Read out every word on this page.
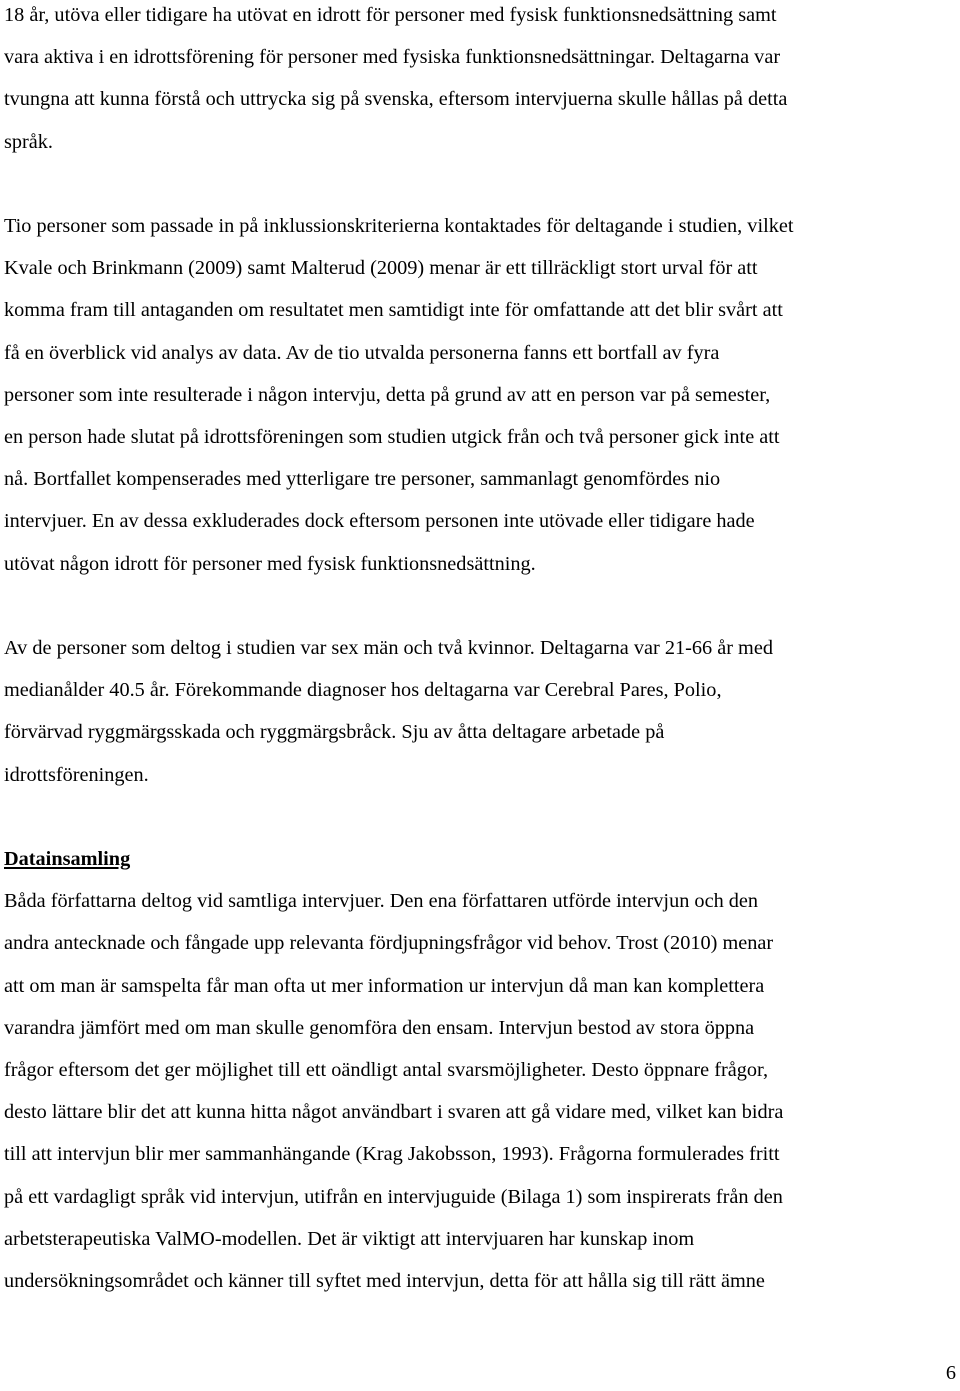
18 år, utöva eller tidigare ha utövat en idrott för personer med fysisk funktionsnedsättning samt
vara aktiva i en idrottsförening för personer med fysiska funktionsnedsättningar. Deltagarna var
tvungna att kunna förstå och uttrycka sig på svenska, eftersom intervjuerna skulle hållas på detta
språk.
Tio personer som passade in på inklussionskriterierna kontaktades för deltagande i studien, vilket
Kvale och Brinkmann (2009) samt Malterud (2009) menar är ett tillräckligt stort urval för att
komma fram till antaganden om resultatet men samtidigt inte för omfattande att det blir svårt att
få en överblick vid analys av data. Av de tio utvalda personerna fanns ett bortfall av fyra
personer som inte resulterade i någon intervju, detta på grund av att en person var på semester,
en person hade slutat på idrottsföreningen som studien utgick från och två personer gick inte att
nå. Bortfallet kompenserades med ytterligare tre personer, sammanlagt genomfördes nio
intervjuer. En av dessa exkluderades dock eftersom personen inte utövade eller tidigare hade
utövat någon idrott för personer med fysisk funktionsnedsättning.
Av de personer som deltog i studien var sex män och två kvinnor. Deltagarna var 21-66 år med
medianålder 40.5 år. Förekommande diagnoser hos deltagarna var Cerebral Pares, Polio,
förvärvad ryggmärgsskada och ryggmärgsbråck. Sju av åtta deltagare arbetade på
idrottsföreningen.
Datainsamling
Båda författarna deltog vid samtliga intervjuer. Den ena författaren utförde intervjun och den
andra antecknade och fångade upp relevanta fördjupningsfrågor vid behov. Trost (2010) menar
att om man är samspelta får man ofta ut mer information ur intervjun då man kan komplettera
varandra jämfört med om man skulle genomföra den ensam. Intervjun bestod av stora öppna
frågor eftersom det ger möjlighet till ett oändligt antal svarsmöjligheter. Desto öppnare frågor,
desto lättare blir det att kunna hitta något användbart i svaren att gå vidare med, vilket kan bidra
till att intervjun blir mer sammanhängande (Krag Jakobsson, 1993). Frågorna formulerades fritt
på ett vardagligt språk vid intervjun, utifrån en intervjuguide (Bilaga 1) som inspirerats från den
arbetsterapeutiska ValMO-modellen. Det är viktigt att intervjuaren har kunskap inom
undersökningsområdet och känner till syftet med intervjun, detta för att hålla sig till rätt ämne
6
